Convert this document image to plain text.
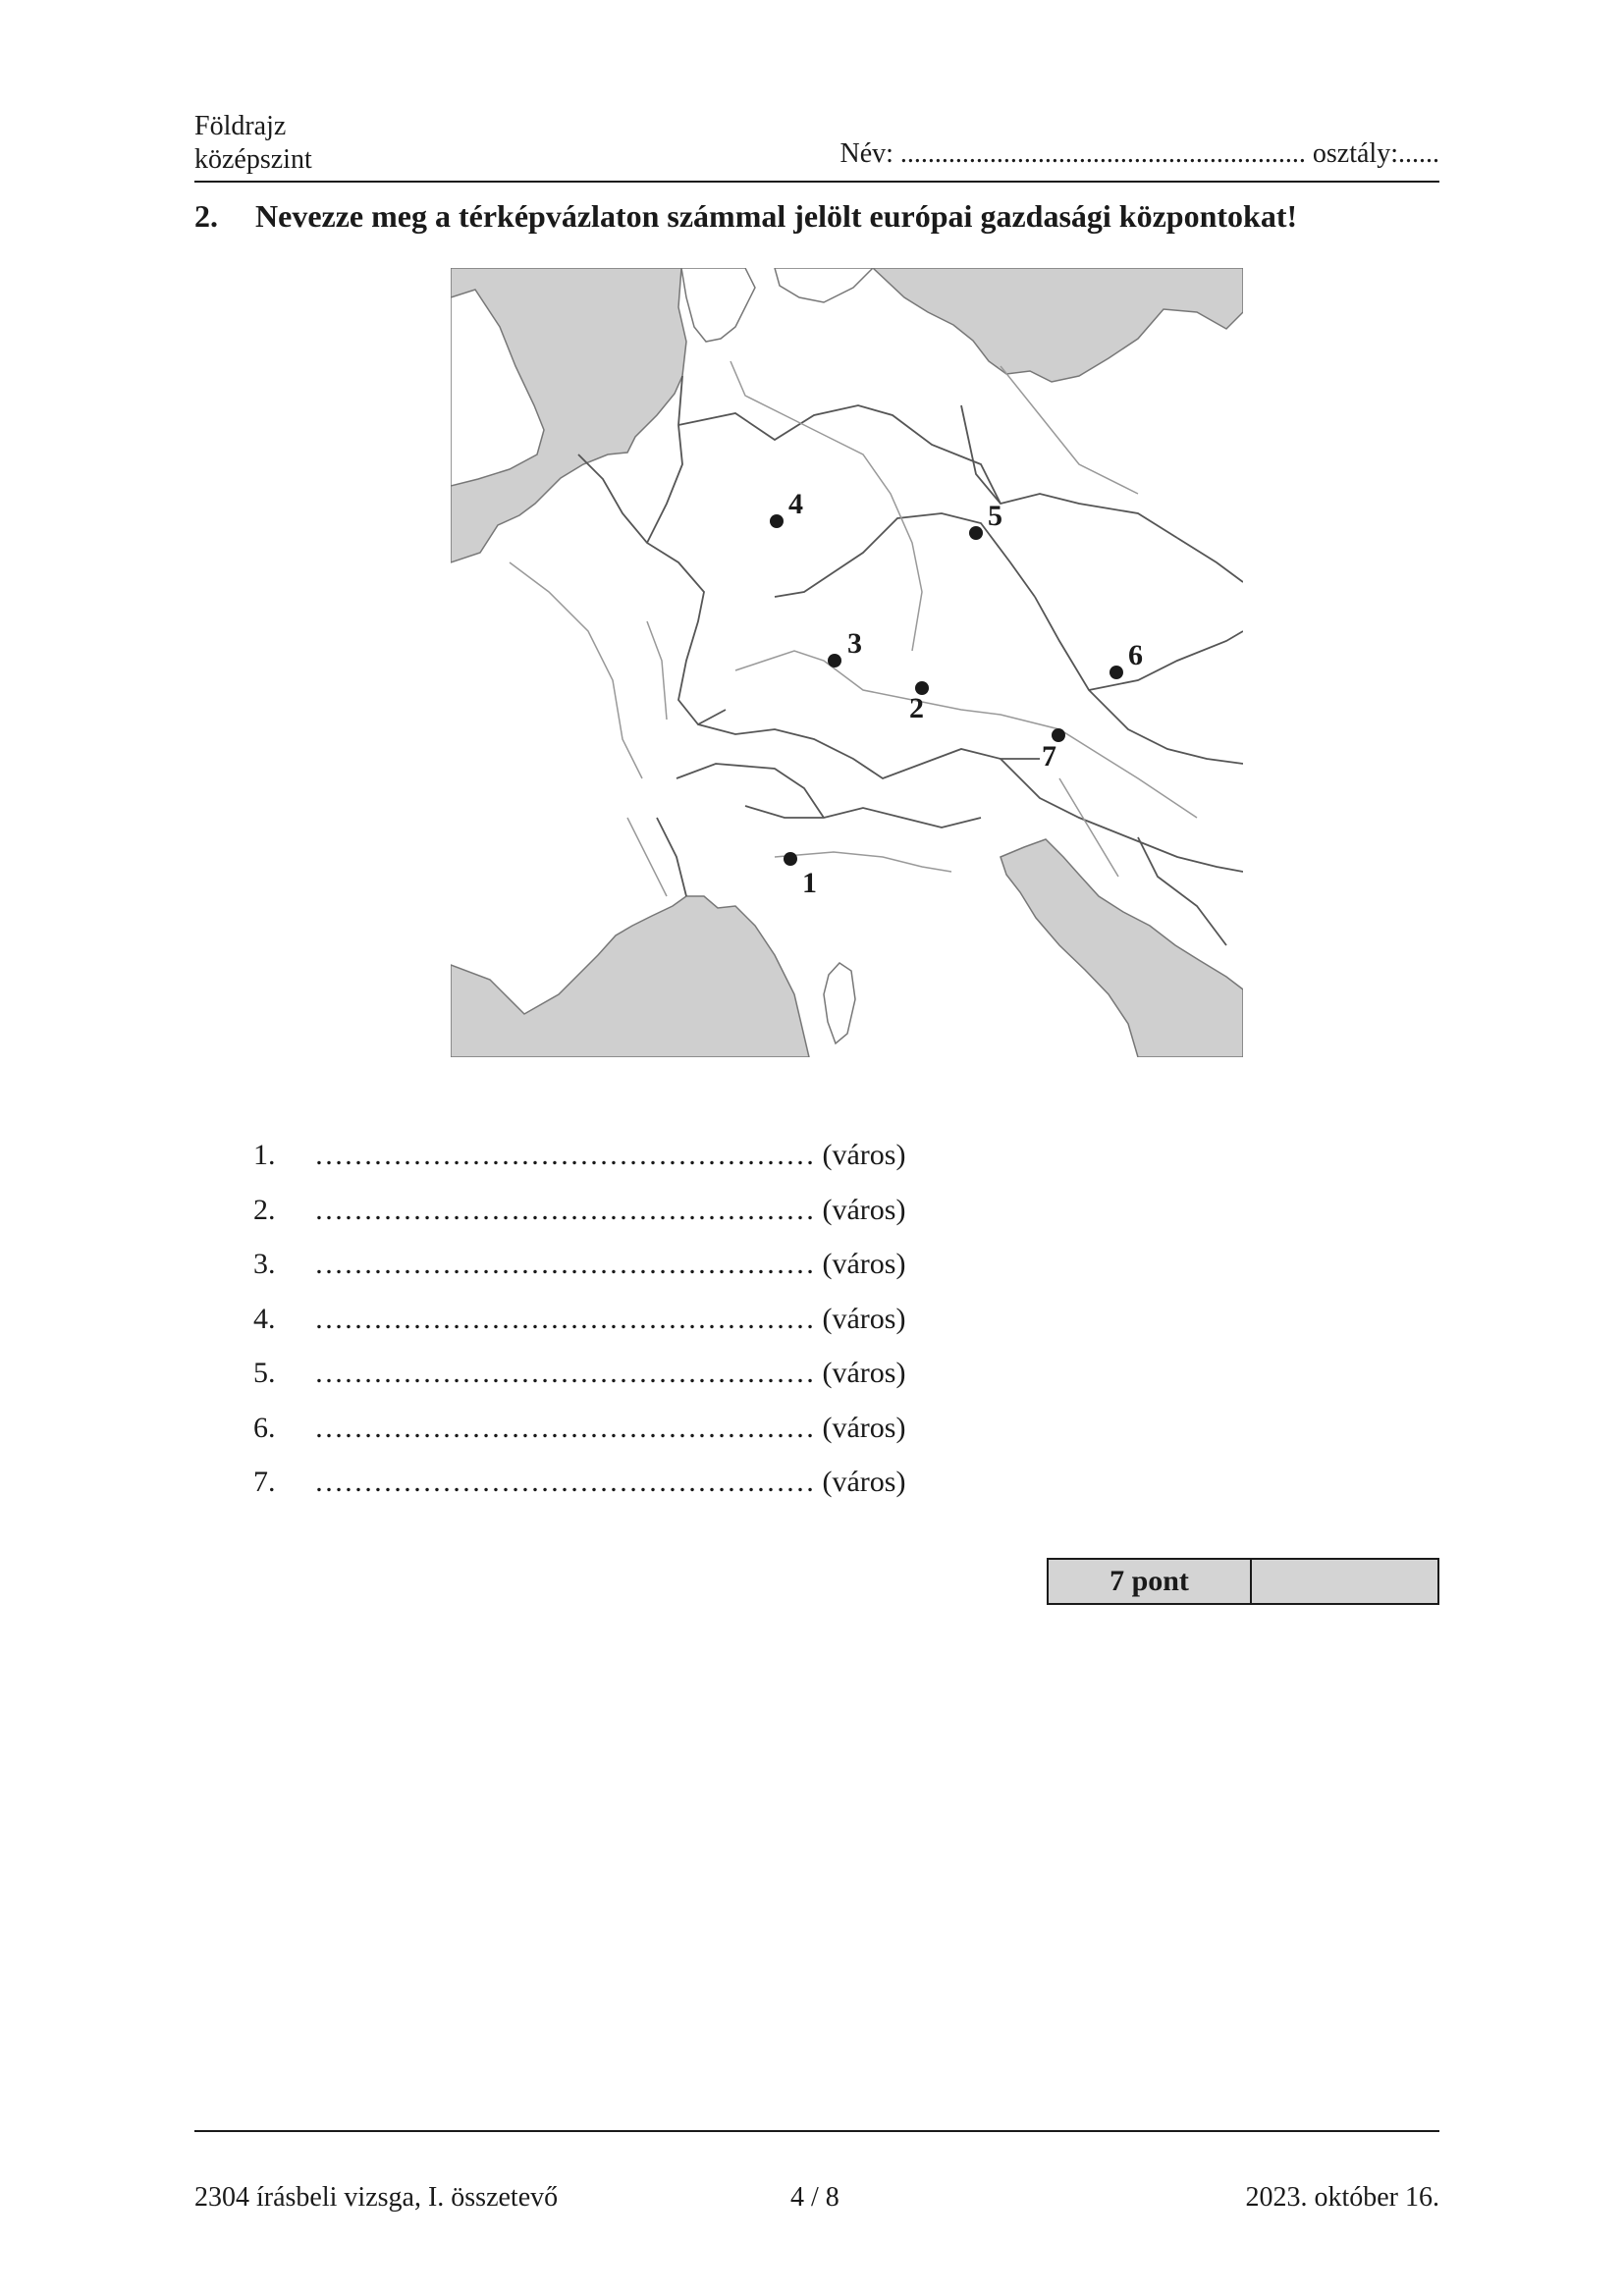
Földrajz
középszint	Név: ........................................................... osztály:......
2. Nevezze meg a térképvázlaton számmal jelölt európai gazdasági központokat!
1
2
3
4	5
6
7
1. …………………………………………… (város)
2. …………………………………………… (város)
3. …………………………………………… (város)
4. …………………………………………… (város)
5. …………………………………………… (város)
6. …………………………………………… (város)
7. …………………………………………… (város)
7 pont	
2304 írásbeli vizsga, I. összetevő	4 / 8	2023. október 16.
